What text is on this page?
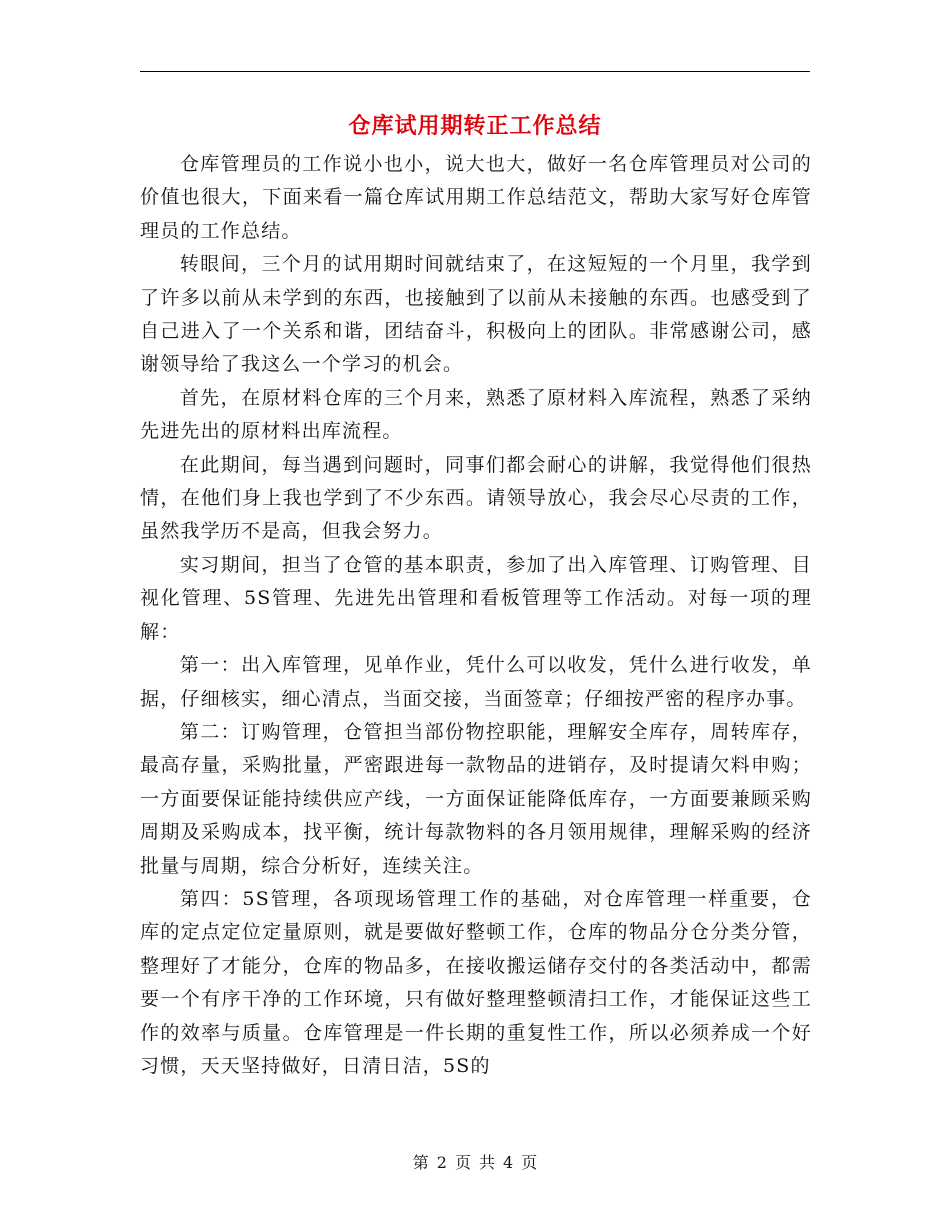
仓库试用期转正工作总结

仓库管理员的工作说小也小，说大也大，做好一名仓库管理员对公司的价值也很大，下面来看一篇仓库试用期工作总结范文，帮助大家写好仓库管理员的工作总结。

转眼间，三个月的试用期时间就结束了，在这短短的一个月里，我学到了许多以前从未学到的东西，也接触到了以前从未接触的东西。也感受到了自己进入了一个关系和谐，团结奋斗，积极向上的团队。非常感谢公司，感谢领导给了我这么一个学习的机会。

首先，在原材料仓库的三个月来，熟悉了原材料入库流程，熟悉了采纳先进先出的原材料出库流程。

在此期间，每当遇到问题时，同事们都会耐心的讲解，我觉得他们很热情，在他们身上我也学到了不少东西。请领导放心，我会尽心尽责的工作，虽然我学历不是高，但我会努力。

实习期间，担当了仓管的基本职责，参加了出入库管理、订购管理、目视化管理、5S管理、先进先出管理和看板管理等工作活动。对每一项的理解：

第一：出入库管理，见单作业，凭什么可以收发，凭什么进行收发，单据，仔细核实，细心清点，当面交接，当面签章；仔细按严密的程序办事。

第二：订购管理，仓管担当部份物控职能，理解安全库存，周转库存，最高存量，采购批量，严密跟进每一款物品的进销存，及时提请欠料申购；一方面要保证能持续供应产线，一方面保证能降低库存，一方面要兼顾采购周期及采购成本，找平衡，统计每款物料的各月领用规律，理解采购的经济批量与周期，综合分析好，连续关注。

第四：5S管理，各项现场管理工作的基础，对仓库管理一样重要，仓库的定点定位定量原则，就是要做好整顿工作，仓库的物品分仓分类分管，整理好了才能分，仓库的物品多，在接收搬运储存交付的各类活动中，都需要一个有序干净的工作环境，只有做好整理整顿清扫工作，才能保证这些工作的效率与质量。仓库管理是一件长期的重复性工作，所以必须养成一个好习惯，天天坚持做好，日清日洁，5S的

第 2 页 共 4 页
